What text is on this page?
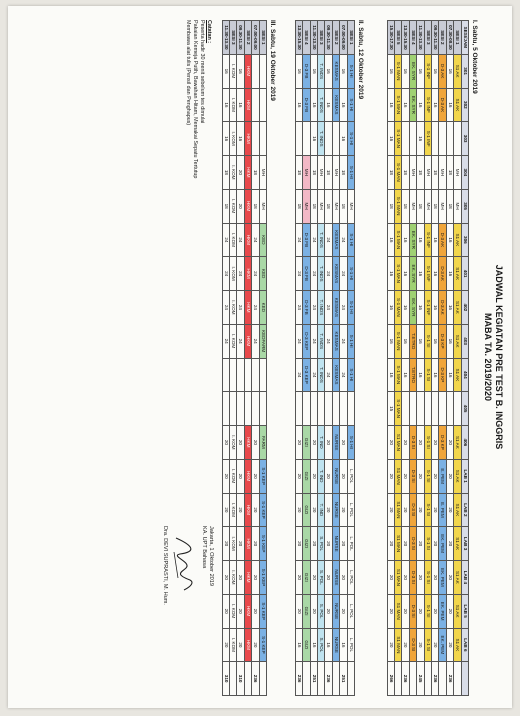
JADWAL KEGIATAN PRE TEST B. INGGRIS
MABA TA. 2019/2020
I. Sabtu, 5 Oktober 2019
SESI/JAM	301	302	303	304	305	306	401	402	403	404	405	406	LAB 1	LAB 2	LAB 3	LAB 4	LAB 5	LAB 6	
SESI 1	S1 AK	S1 AK		MH	MH	S1 AK	S1 AK	S1 AK	S1 AK	S1 AK		S1 AK	S1 AK	S1 AK	S1 AK	S1 AK	S1 AK	S1 AK	
07.30-08.30	16	16		18	18	16	16	16	16	16		20	20	20	20	20	20	20	236
SESI 2	D-3 AK	D-3 AK		MH	MH	D-3 AK	D-3 AK	D-3 AK	D-3 KP	D-3 KP		D-3 KP	E. PEM	E. PEM	EK. PEM	EK. PEM	EK. PEM	EK. PEM	
09.30-11.30	16	16		18	18	16	16	16	16	16		20	20	20	20	20	20	20	236
SESI 3	S-1 INF	S-1 INF	S-1 INF	MH	MH	S-1 INF	S-1 INF	S-1 INF	S-1 SI	S-1 SI		S-1 SI	S-1 SI	S-1 SI	S-1 SI	S-1 SI	S-1 SI	S-1 SI	
11.30-13.30	16	16	16	18	18	16	16	16	16	16		20	20	20	20	20	20	20	245
SESI 4	EK. SYR	EK. SYR		MH	MH	EK. SYR	EK. SYR	EK. SYR	T.ETRO	T.ETRO		D-3 SI	D-3 SI	D-3 SI	D-3 SI	D-3 SI	D-3 SI	D-3 SI	
13.30-15.30	16	16		18	18	16	16	16	16	16		20	20	20	20	20	20	20	236
SESI 5	S-1 MAN	S-1 MAN	S-1 MAN	S-1 MAN	S-1 MAN	S-1 MAN	S-1 MAN	S-1 MAN	S-1 MAN	S-1 MAN	S-1 MAN	S1 MAN	S1 MAN	S1 MAN	S1 MAN	S1 MAN	S1 MAN	S1 MAN	
15.30-17.30	16	16	16	18	18	16	16	16	16	16	15	20	20	20	20	20	20	20	266
II. Sabtu, 12 Oktober 2019
SESI 1	S-1 HI	S-1 HI	S-1 HI	S-1 HI	MH	S-1 HI	S-1 HI	S-1 HI	S-1 HI	S-1 HI		S-1 HI	L. POL	L. POL	L. POL	L. POL	L. POL	L. POL	
07.00-09.00	16	16	16	18	18	24	24	24	24	24		20	20	20	20	20	20	16	251
SESI 2	KESMAS	KESMAS		MH	MH	KESMAS	KESMAS	KESMAS	KESMAS	KESMAS		NURSE	NURSE	NURSE	NURSE	NURSE	NURSE	NURSE	
09.30-11.30	16	16		18	18	24	24	24	24	24		20	20	20	20	20	20	16	236
SESI 3	T. INDS	T. INDS	T. INDS	MH	MH	T. INDS	T. INDS	T. INDS	T. INDS	T. INDS		T. IND	T. IND	T. IND	S. POL	S. POL	S. POL	S. POL	
11.30-13.30	16	16	16	18	18	24	24	24	24	24		20	20	20	20	20	20	16	251
SESI 4	D-3 FB	D-3 FB		MH	MH	D-3 FB	D-3 FB	D-3 FB	D-3 KEP	D-3 KEP		GIZI	GIZI	GIZI	GIZI	GIZI	GIZI	GIZI	
13.30-15.30	16	16		18	18	24	24	24	24	24		20	20	20	20	20	20	16	236
III. Sabtu, 19 Oktober 2019
SESI 1				MH	MH	KED	KED	KED	KEDFARM			FARM	S-1 KEP	S-1 KEP	S-1 KEP	S-1 KEP	S-1 KEP	S-1 KEP	
07.00-09.00				18	18	24	24	24	24			20	20	20	20	20	20	20	236
SESI 2	HKM	HKM	HKM	HKM	HKM	HKM	HKM	HKM	HKM			HKM	HKM	HKM	HKM	HKM	HKM	HKM	
09.30-11.30	16	16	16	20	20	24	24	24	24			20	20	20	20	20	20	20	310
SESI 3	I. KOM	I. KOM	I. KOM	I. KOM	I. KOM	I. KOM	I. KOM	I. KOM	I. KOM			I. KOM	I. KOM	I. KOM	I. KOM	I. KOM	I. KOM	I. KOM	
11.30-13.30	16	16	16	18	18	24	24	24	24			20	20	20	20	20	20	20	310
Catatan :
Peserta hadir 30 menit sebelum tes dimulai
Pakaian Kemeja Putih, Bawahan Hitam, Memakai Sepatu Tertutup
Membawa alat tulis (Pensil dan Penghapus)
Jakarta, 1 Oktober 2019
KA. UPT Bahasa
Dra. DEVI SUPRASTI, M. Hum.
